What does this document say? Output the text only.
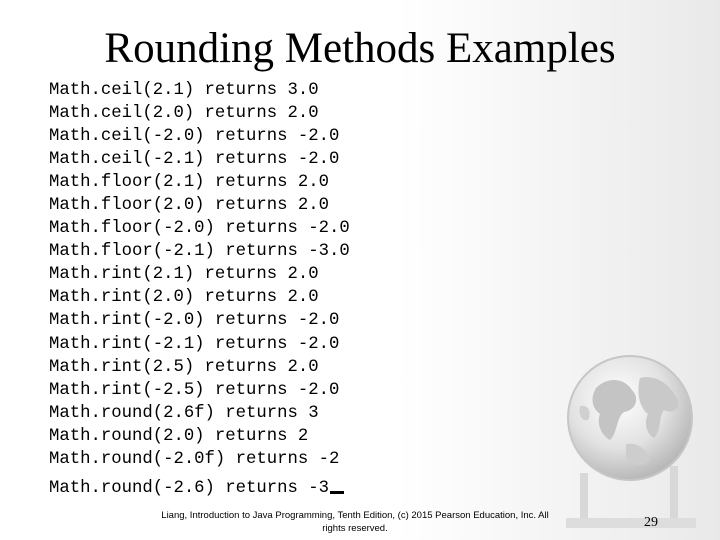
Rounding Methods Examples
Math.ceil(2.1) returns 3.0
Math.ceil(2.0) returns 2.0
Math.ceil(-2.0) returns -2.0
Math.ceil(-2.1) returns -2.0
Math.floor(2.1) returns 2.0
Math.floor(2.0) returns 2.0
Math.floor(-2.0) returns -2.0
Math.floor(-2.1) returns -3.0
Math.rint(2.1) returns 2.0
Math.rint(2.0) returns 2.0
Math.rint(-2.0) returns -2.0
Math.rint(-2.1) returns -2.0
Math.rint(2.5) returns 2.0
Math.rint(-2.5) returns -2.0
Math.round(2.6f) returns 3
Math.round(2.0) returns 2
Math.round(-2.0f) returns -2
Math.round(-2.6) returns -3
Liang, Introduction to Java Programming, Tenth Edition, (c) 2015 Pearson Education, Inc. All
rights reserved.	29
